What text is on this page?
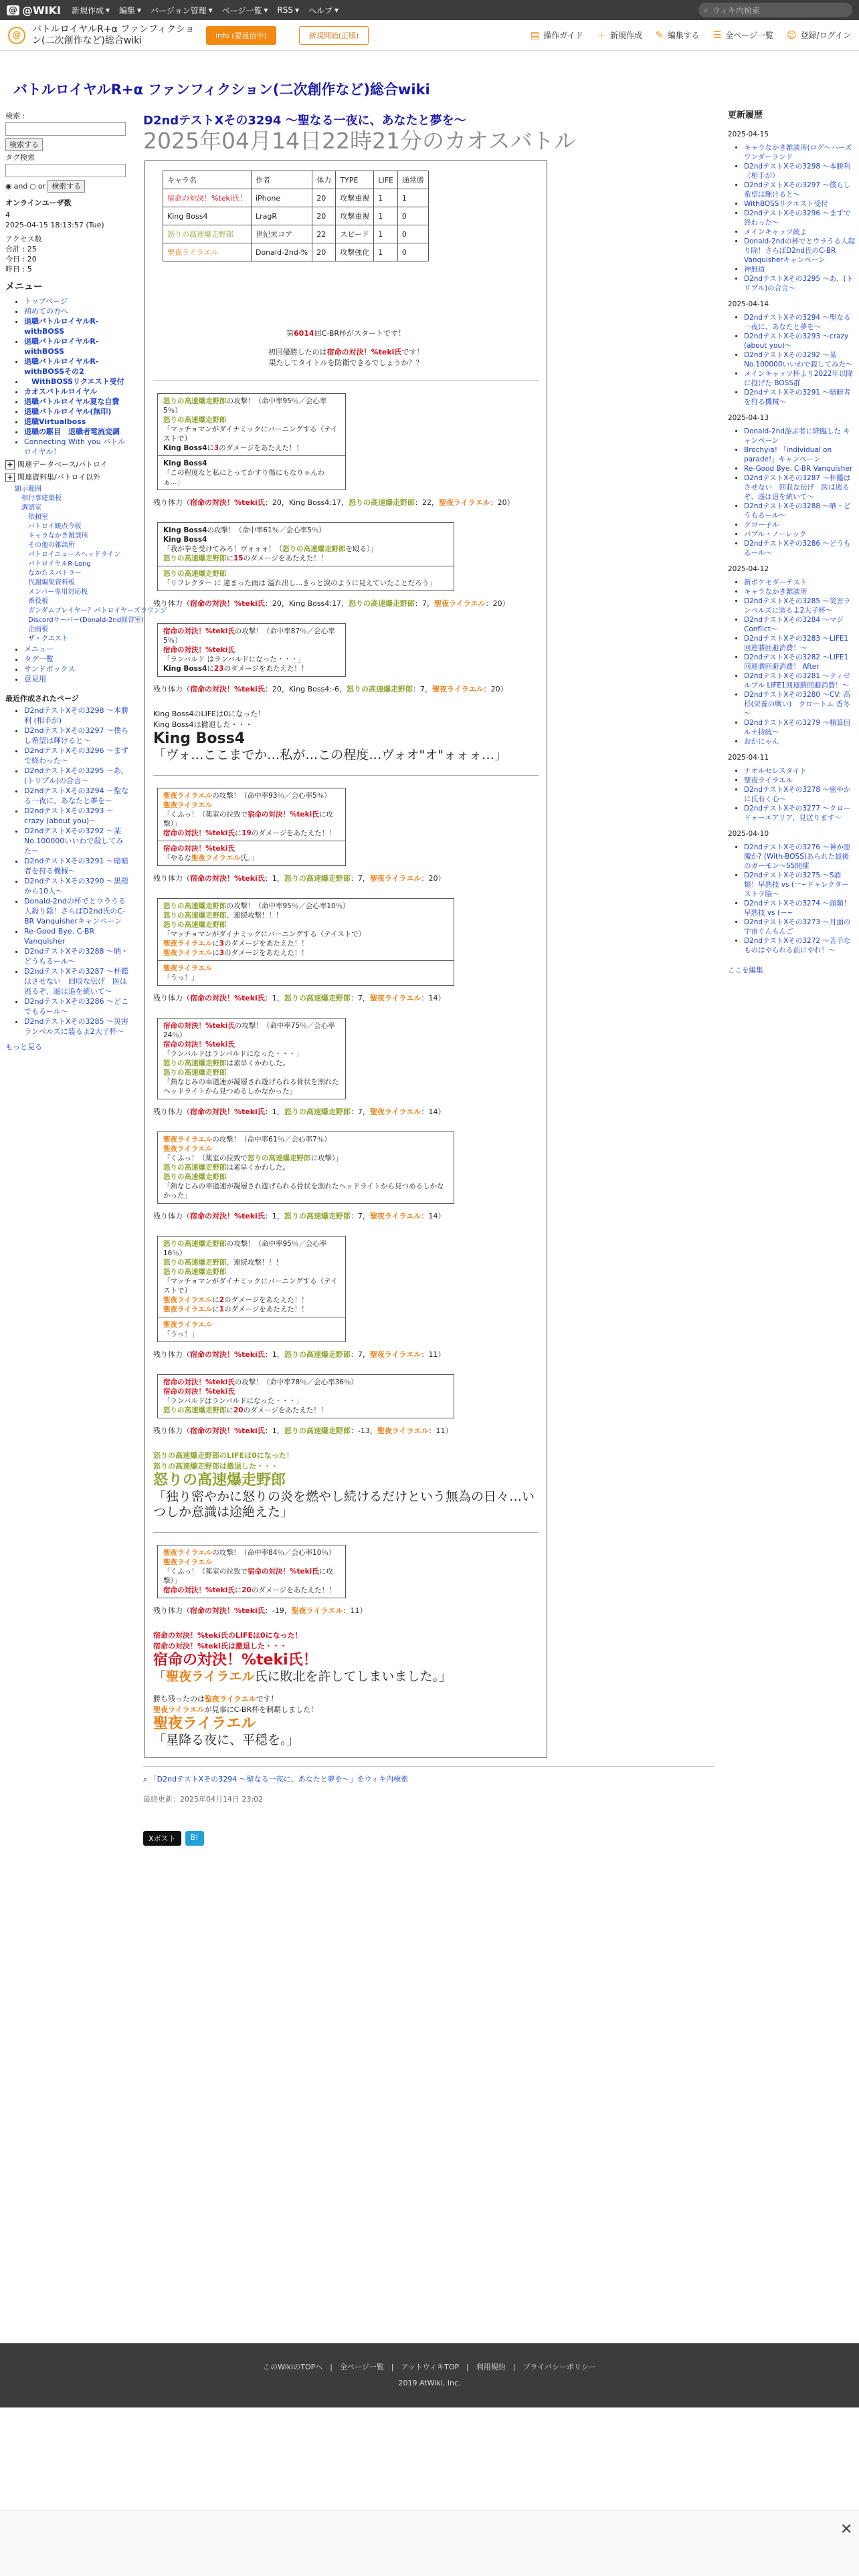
@ @WIKI 新規作成 ▾ 編集 ▾ バージョン管理 ▾ ページ一覧 ▾ RSS ▾ ヘルプ ▾	⌕ ウィキ内検索
@
バトルロイヤルR+α ファンフィクション(二次創作など)総合wiki	info (要返信中)	新規開始(正版)	▤ 操作ガイド ＋ 新規作成 ✎ 編集する ☰ 全ページ一覧 ☺ 登録/ログイン
バトルロイヤルR+α ファンフィクション(二次創作など)総合wiki
検索 :
検索する
タグ検索
◉ and ○ or 検索する
オンラインユーザ数
4
2025-04-15 18:13:57 (Tue)
アクセス数
合計 : 25
今日 : 20
昨日 : 5
メニュー
• トップページ
• 初めての方へ
• 退職バトルロイヤルR-withBOSS
• 退職バトルロイヤルR-withBOSS
• 退職バトルロイヤルR-withBOSSその2
• 　WithBOSSリクエスト受付
• カオスバトルロイヤル
• 退職バトルロイヤル夏な自費
• 退職バトルロイヤル(無印)
• 退職Virtualboss
• 退職の駆目　退職者電流変調
• Connecting With you バトルロイヤル！
+ 関連データベース/パトロイ
+ 関連資料集/バトロイ以外
顕示範囲
相行事建築板
調諮室
依頼室
バトロイ観点今板
キャラなかき雑談所
その他の雑談所
パトロイニュースヘッドライン
パトロイヤルR-Long
なかたスパトラー
代謝編集資料板
メンバー専用対応板
番役板
ガンダムプレイヤー？パトロイヤーズラウンジ
Discordサーバー(Donald-2nd経営室)
企画板
ザ・クエスト
• メニュー
• タグ一覧
• サンドボックス
• 意見用
最近作成されたページ
• D2ndテストXその3298 ～本勝利 (相手が)
• D2ndテストXその3297 ～僕らし希望は輝けると～
• D2ndテストXその3296 ～まずで終わった～
• D2ndテストXその3295 ～あ、(トリプル)の合言～
• D2ndテストXその3294 ～聖なる一夜に、あなたと夢を～
• D2ndテストXその3293 ～crazy (about you)～
• D2ndテストXその3292 ～某No.100000いいわで殺してみた～
• D2ndテストXその3291 ～暗暗者を狩る機械～
• D2ndテストXその3290 ～黒殻から10人～
• Donald-2ndの杯でとウラうる人殺り除！さらばD2nd氏のC-BR Vanquisherキャンペーン
• Re-Good Bye. C-BR Vanquisher
• D2ndテストXその3288 ～晒・どうもるール～
• D2ndテストXその3287 ～杯鑑はさせない　回収な伝げ　医は逃るぞ、遥は追を統いて～
• D2ndテストXその3286 ～どこでもるール～
• D2ndテストXその3285 ～災害ランベルズに装るよ2大子杯～
もっと見る
D2ndテストXその3294 ～聖なる一夜に、あなたと夢を～
2025年04月14日22時21分のカオスバトル
キャラ名	作者	体力	TYPE	LIFE	通常勝
宿命の対決！%teki氏！	iPhone	20	攻撃重視	1	1
King Boss4	LragR	20	攻撃重視	1	0
怒りの高速爆走野郎	世紀末コア	22	スピード	1	0
聖夜ライラエル	Donald-2nd-%	20	攻撃強化	1	0
第6014回C-BR杯がスタートです！
初回優勝したのは宿命の対決！%teki氏です！
果たしてタイトルを防衛できるでしょうか？？
怒りの高速爆走野郎の攻撃！（命中率95％／会心率5％）
怒りの高速爆走野郎
「マッチョマンがダイナミックにバーニングする（テイストで）
King Boss4に3のダメージをあたえた！！
King Boss4
「この程度なと私にとってかすり傷にもなりゃんわぁ...」
残り体力（宿命の対決！%teki氏：20，King Boss4:17，怒りの高速爆走野郎：22，聖夜ライラエル：20）
King Boss4の攻撃！（命中率61％／会心率5％）
King Boss4
「我が拳を受けてみろ！ヴォォォ！（怒りの高速爆走野郎を殴る）」
怒りの高速爆走野郎に15のダメージをあたえた！！
怒りの高速爆走野郎
「リフレクター に 違まった雨は 溢れ出し...きっと涙のように見えていたことだろう」
残り体力（宿命の対決！%teki氏：20，King Boss4:17，怒りの高速爆走野郎：7，聖夜ライラエル：20）
宿命の対決！%teki氏の攻撃！（命中率87％／会心率5％）
宿命の対決！%teki氏
「ランバルド はランバルドになった・・・」
King Boss4に23のダメージをあたえた！！
残り体力（宿命の対決！%teki氏：20，King Boss4:-6，怒りの高速爆走野郎：7，聖夜ライラエル：20）
King Boss4のLIFEは0になった！
King Boss4は撤退した・・・
King Boss4
「ヴォ…ここまでか…私が…この程度…ヴォオ"オ"ォォォ…」
聖夜ライラエルの攻撃！（命中率93％／会心率5％）
聖夜ライラエル
「くふっ！（薬室の拉致で宿命の対決！%teki氏に攻撃）」
宿命の対決！%teki氏に19のダメージをあたえた！！
宿命の対決！%teki氏
「やるな聖夜ライラエル氏。」
残り体力（宿命の対決！%teki氏：1，怒りの高速爆走野郎：7，聖夜ライラエル：20）
怒りの高速爆走野郎の攻撃！（命中率95％／会心率10％）
怒りの高速爆走野郎、連続攻撃！！！
怒りの高速爆走野郎
「マッチョマンがダイナミックにバーニングする（テイストで）
聖夜ライラエルに3のダメージをあたえた！！
聖夜ライラエルに3のダメージをあたえた！！
聖夜ライラエル
「うっ！」
残り体力（宿命の対決！%teki氏：1，怒りの高速爆走野郎：7，聖夜ライラエル：14）
宿命の対決！%teki氏の攻撃！（命中率75％／会心率24％）
宿命の対決！%teki氏
「ランバルドはランバルドになった・・・」
怒りの高速爆走野郎は素早くかわした。
怒りの高速爆走野郎
「熱なじみの車道速が凝層され遊げられる骨状を割れたヘッドライトから見つめるしかなかった」
残り体力（宿命の対決！%teki氏：1，怒りの高速爆走野郎：7，聖夜ライラエル：14）
聖夜ライラエルの攻撃！（命中率61％／会心率7％）
聖夜ライラエル
「くふっ！（薬室の拉致で怒りの高速爆走野郎に攻撃）」
怒りの高速爆走野郎は素早くかわした。
怒りの高速爆走野郎
「熱なじみの車道速が凝層され遊げられる骨状を割れたヘッドライトから見つめるしかなかった」
残り体力（宿命の対決！%teki氏：1，怒りの高速爆走野郎：7，聖夜ライラエル：14）
怒りの高速爆走野郎の攻撃！（命中率95％／会心率16％）
怒りの高速爆走野郎、連続攻撃！！！
怒りの高速爆走野郎
「マッチョマンがダイナミックにバーニングする（テイストで）
聖夜ライラエルに2のダメージをあたえた！！
聖夜ライラエルに1のダメージをあたえた！！
聖夜ライラエル
「うっ！」
残り体力（宿命の対決！%teki氏：1，怒りの高速爆走野郎：7，聖夜ライラエル：11）
宿命の対決！%teki氏の攻撃！（命中率78％／会心率36％）
宿命の対決！%teki氏
「ランバルドはランバルドになった・・・」
怒りの高速爆走野郎に20のダメージをあたえた！！
残り体力（宿命の対決！%teki氏：1，怒りの高速爆走野郎：-13，聖夜ライラエル：11）
怒りの高速爆走野郎のLIFEは0になった！
怒りの高速爆走野郎は撤退した・・・
怒りの高速爆走野郎
「独り密やかに怒りの炎を燃やし続けるだけという無為の日々…いつしか意識は途絶えた」
聖夜ライラエルの攻撃！（命中率84％／会心率10％）
聖夜ライラエル
「くふっ！（薬室の拉致で宿命の対決！%teki氏に攻撃）」
宿命の対決！%teki氏に20のダメージをあたえた！！
残り体力（宿命の対決！%teki氏：-19，聖夜ライラエル：11）
宿命の対決！%teki氏のLIFEは0になった！
宿命の対決！%teki氏は撤退した・・・
宿命の対決！%teki氏！
「聖夜ライラエル氏に敗北を許してしまいました。」
勝ち残ったのは聖夜ライラエルです！
聖夜ライラエルが見事にC-BR杯を制覇しました！
聖夜ライラエル
「星降る夜に、平穏を。」
⌕ 「D2ndテストXその3294 ～聖なる一夜に、あなたと夢を～」をウィキ内検索
最終更新：2025年04月14日 23:02
Xポスト	B!
更新履歴
2025-04-15
• キャラなかき雑談所(ログ～ハーズワンダーランド
• D2ndテストXその3298 ～本勝利（相手が）
• D2ndテストXその3297 ～僕らし希望は輝けると～
• WithBOSSリクエスト受付
• D2ndテストXその3296 ～まずで終わった～
• メインキャッツ統よ
• Donald-2ndの杯でとウラうる人殺り除！さらばD2nd氏のC-BR Vanquisherキャンペーン
• 神無道
• D2ndテストXその3295 ～あ、(トリプル)の合言～
2025-04-14
• D2ndテストXその3294 ～聖なる一夜に、あなたと夢を～
• D2ndテストXその3293 ～crazy (about you)～
• D2ndテストXその3292 ～某No.100000いいわで殺してみた～
• メインキャッツ杯より2022年以降に投げた BOSS群
• D2ndテストXその3291 ～暗暗者を狩る機械～
2025-04-13
• Donald-2nd游ぶ者に降臨した キャンペーン
• Brochyia! 「individual on parade!」キャンペーン
• Re-Good Bye. C-BR Vanquisher
• D2ndテストXその3287 ～杯鑑はさせない　回収な伝げ　医は逃るぞ、遥は追を統いて～
• D2ndテストXその3288 ～晒・どうもるール～
• クロー子ル
• パブル・ノーレック
• D2ndテストXその3286 ～どうもるール～
2025-04-12
• 新ポケモダーテスト
• キャラなかき雑談所
• D2ndテストXその3285 ～災害ランベルズに装るよ2大子杯～
• D2ndテストXその3284 ～マジConflict～
• D2ndテストXその3283 ～LIFE1回連勝回避消費！～
• D2ndテストXその3282 ～LIFE1回連勝回避消費！ After
• D2ndテストXその3281 ～ティゼルプル LIFE1回連勝回避消費！～
• D2ndテストXその3280 ～CV: 高杉(栄養の戦い)　クロートム 香冬～
• D2ndテストXその3279 ～精算回ルナ持統～
• おかにゃん
2025-04-11
• ナオルセレスタイト
• 聖夜ライラエル
• D2ndテストXその3278 ～密やかに氏有く心～
• D2ndテストXその3277 ～クロードォーエアリア、見送ります～
2025-04-10
• D2ndテストXその3276 ～神か悪魔か? (With-BOSS)あられた最後のガーモン～S5開催
• D2ndテストXその3275 ～S酒類！早熟技 vs (一~ドャレクターストラ脳～
• D2ndテストXその3274 ～頭類！早熟技 vs (ー~
• D2ndテストXその3273 ～月面の宇宙ぐんもんご
• D2ndテストXその3272 ～苦手なものはやられる前にやれ！～
ここを編集
このWikiのTOPへ　|　全ページ一覧　|　アットウィキTOP　|　利用規約　|　プライバシーポリシー
2019 AtWiki, Inc.
✕
